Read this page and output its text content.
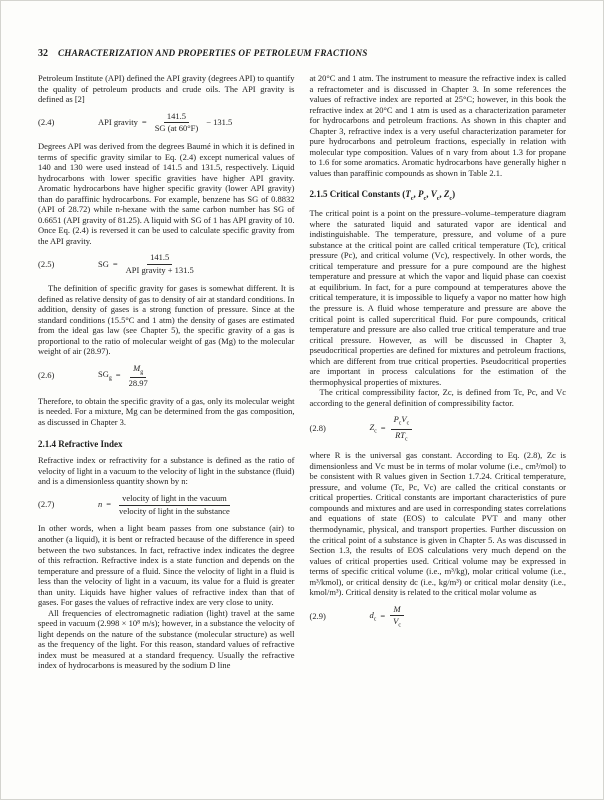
32 CHARACTERIZATION AND PROPERTIES OF PETROLEUM FRACTIONS

Petroleum Institute (API) defined the API gravity (degrees API) to quantify the quality of petroleum products and crude oils. The API gravity is defined as [2]

(2.4)	API gravity = $\frac{141.5}{SG (at 60^\circ F)} - 131.5$

Degrees API was derived from the degrees Baumé in which it is defined in terms of specific gravity similar to Eq. (2.4) except numerical values of 140 and 130 were used instead of 141.5 and 131.5, respectively. Liquid hydrocarbons with lower specific gravities have higher API gravity. Aromatic hydrocarbons have higher specific gravity (lower API gravity) than do paraffinic hydrocarbons. For example, benzene has SG of 0.8832 (API of 28.72) while n-hexane with the same carbon number has SG of 0.6651 (API gravity of 81.25). A liquid with SG of 1 has API gravity of 10. Once Eq. (2.4) is reversed it can be used to calculate specific gravity from the API gravity.

(2.5)	SG = $\frac{141.5}{\text{API gravity + 131.5}}$

The definition of specific gravity for gases is somewhat different. It is defined as relative density of gas to density of air at standard conditions. In addition, density of gases is a strong function of pressure. Since at the standard conditions (15.5°C and 1 atm) the density of gases are estimated from the ideal gas law (see Chapter 5), the specific gravity of a gas is proportional to the ratio of molecular weight of gas (Mg) to the molecular weight of air (28.97).

(2.6)	$SG_g = \frac{M_g}{28.97}$

Therefore, to obtain the specific gravity of a gas, only its molecular weight is needed. For a mixture, Mg can be determined from the gas composition, as discussed in Chapter 3.

2.1.4 Refractive Index

Refractive index or refractivity for a substance is defined as the ratio of velocity of light in a vacuum to the velocity of light in the substance (fluid) and is a dimensionless quantity shown by n:

(2.7)	$n = \frac{\text{velocity of light in the vacuum}}{\text{velocity of light in the substance}}$

In other words, when a light beam passes from one substance (air) to another (a liquid), it is bent or refracted because of the difference in speed between the two substances. In fact, refractive index indicates the degree of this refraction. Refractive index is a state function and depends on the temperature and pressure of a fluid. Since the velocity of light in a fluid is less than the velocity of light in a vacuum, its value for a fluid is greater than unity. Liquids have higher values of refractive index than that of gases. For gases the values of refractive index are very close to unity.

All frequencies of electromagnetic radiation (light) travel at the same speed in vacuum (2.998 × 10⁸ m/s); however, in a substance the velocity of light depends on the nature of the substance (molecular structure) as well as the frequency of the light. For this reason, standard values of refractive index must be measured at a standard frequency. Usually the refractive index of hydrocarbons is measured by the sodium D line

at 20°C and 1 atm. The instrument to measure the refractive index is called a refractometer and is discussed in Chapter 3. In some references the values of refractive index are reported at 25°C; however, in this book the refractive index at 20°C and 1 atm is used as a characterization parameter for hydrocarbons and petroleum fractions. As shown in this chapter and Chapter 3, refractive index is a very useful characterization parameter for pure hydrocarbons and petroleum fractions, especially in relation with molecular type composition. Values of n vary from about 1.3 for propane to 1.6 for some aromatics. Aromatic hydrocarbons have generally higher n values than paraffinic compounds as shown in Table 2.1.

2.1.5 Critical Constants ($T_c$, $P_c$, $V_c$, $Z_c$)

The critical point is a point on the pressure–volume–temperature diagram where the saturated liquid and saturated vapor are identical and indistinguishable. The temperature, pressure, and volume of a pure substance at the critical point are called critical temperature (Tc), critical pressure (Pc), and critical volume (Vc), respectively. In other words, the critical temperature and pressure for a pure compound are the highest temperature and pressure at which the vapor and liquid phase can coexist at equilibrium. In fact, for a pure compound at temperatures above the critical temperature, it is impossible to liquefy a vapor no matter how high the pressure is. A fluid whose temperature and pressure are above the critical point is called supercritical fluid. For pure compounds, critical temperature and pressure are also called true critical temperature and true critical pressure. However, as will be discussed in Chapter 3, pseudocritical properties are defined for mixtures and petroleum fractions, which are different from true critical properties. Pseudocritical properties are important in process calculations for the estimation of the thermophysical properties of mixtures.

The critical compressibility factor, Zc, is defined from Tc, Pc, and Vc according to the general definition of compressibility factor.

(2.8)	$Z_c = \frac{P_cV_c}{RT_c}$

where R is the universal gas constant. According to Eq. (2.8), Zc is dimensionless and Vc must be in terms of molar volume (i.e., cm³/mol) to be consistent with R values given in Section 1.7.24. Critical temperature, pressure, and volume (Tc, Pc, Vc) are called the critical constants or critical properties. Critical constants are important characteristics of pure compounds and mixtures and are used in corresponding states correlations and equations of state (EOS) to calculate PVT and many other thermodynamic, physical, and transport properties. Further discussion on the critical point of a substance is given in Chapter 5. As was discussed in Section 1.3, the results of EOS calculations very much depend on the values of critical properties used. Critical volume may be expressed in terms of specific critical volume (i.e., m³/kg), molar critical volume (i.e., m³/kmol), or critical density dc (i.e., kg/m³) or critical molar density (i.e., kmol/m³). Critical density is related to the critical molar volume as

(2.9)	$d_c = \frac{M}{V_c}$
